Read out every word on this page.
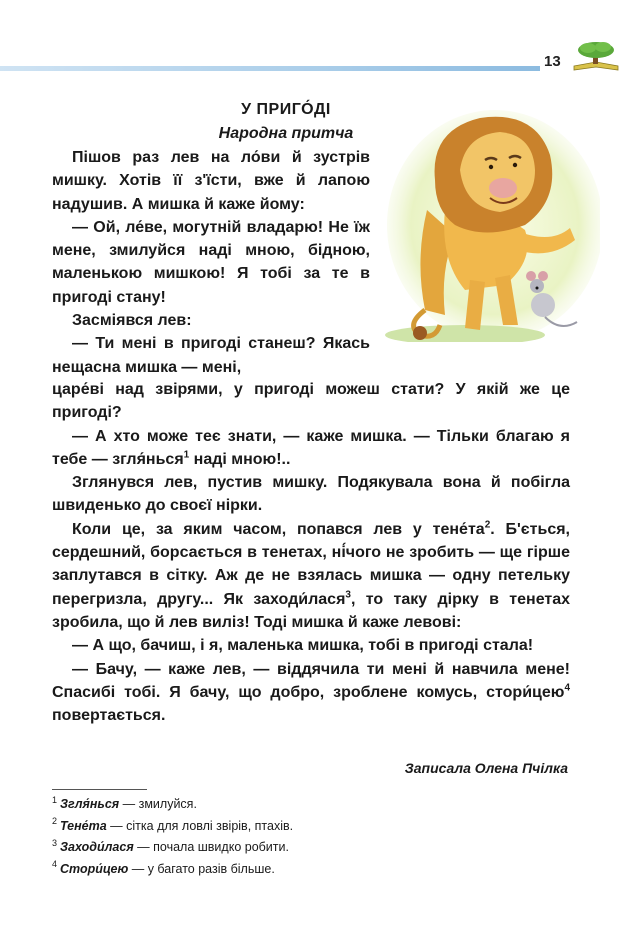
13
У ПРИГО́ДІ
Народна притча

Пішов раз лев на ло́ви й зустрів мишку. Хотів її з'їсти, вже й лапою надушив. А мишка й каже йому:

— Ой, ле́ве, могутній владарю! Не їж мене, змилуйся наді мною, бідною, маленькою мишкою! Я тобі за те в пригоді стану!

Засміявся лев:

— Ти мені в пригоді станеш? Якась нещасна мишка — мені,

царе́ві над звірями, у пригоді можеш стати? У якій же це пригоді?

— А хто може теє знати, — каже мишка. — Тільки благаю я тебе — згля́нься$^1$ наді мною!..

Зглянувся лев, пустив мишку. Подякувала вона й побігла швиденько до своєї нірки.

Коли це, за яким часом, попався лев у $тене́та^2$. Б'ється, сердешний, борсається в тенетах, ні́чого не зробить — ще гірше заплутався в сітку. Аж де не взялась мишка — одну петельку перегризла, другу... Як заходи́лася$^3$, то таку дірку в тенетах зробила, що й лев виліз! Тоді мишка й каже левові:

— А що, бачиш, і я, маленька мишка, тобі в пригоді стала!

— Бачу, — каже лев, — віддячила ти мені й навчила мене! Спасибі тобі. Я бачу, що добро, зроблене комусь, стори́цею$^4$ повертається.

Записала Олена Пчілка

$^1$ Згля́нься — змилуйся.

$^2$ Тене́та — сітка для ловлі звірів, птахів.

$^3$ Заходи́лася — почала швидко робити.

$^4$ Стори́цею — у багато разів більше.
